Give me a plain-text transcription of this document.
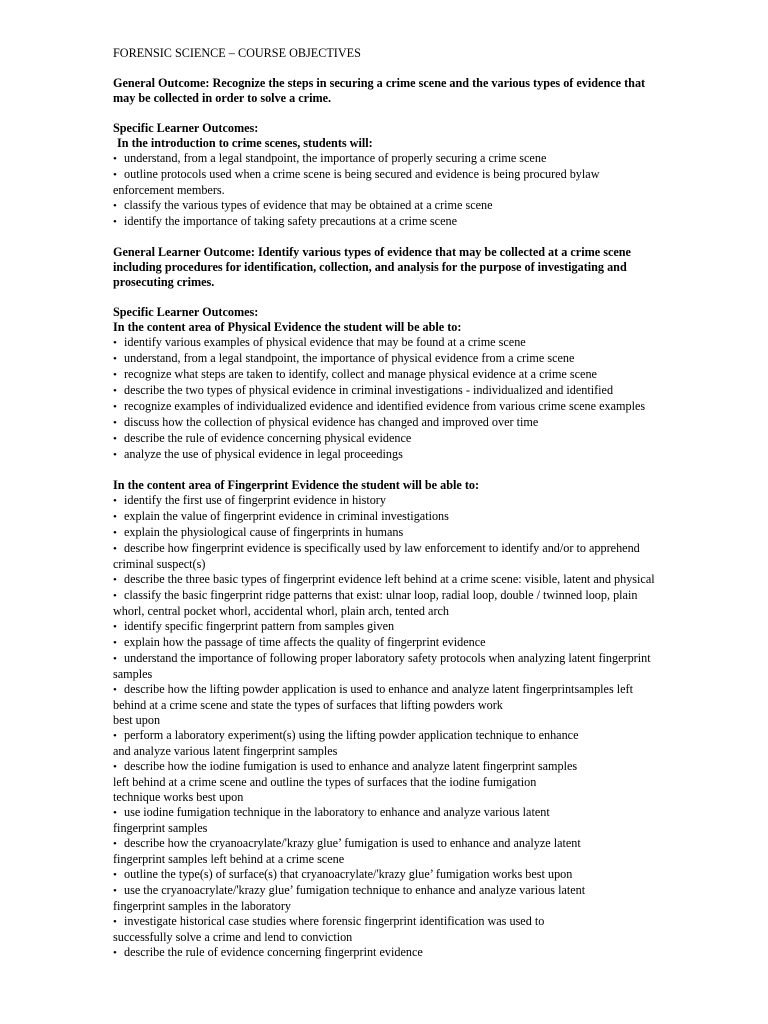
FORENSIC SCIENCE – COURSE OBJECTIVES
General Outcome: Recognize the steps in securing a crime scene and the various types of evidence that may be collected in order to solve a crime.
Specific Learner Outcomes:
In the introduction to crime scenes, students will:
• understand, from a legal standpoint, the importance of properly securing a crime scene
• outline protocols used when a crime scene is being secured and evidence is being procured bylaw enforcement members.
• classify the various types of evidence that may be obtained at a crime scene
• identify the importance of taking safety precautions at a crime scene
General Learner Outcome: Identify various types of evidence that may be collected at a crime scene including procedures for identification, collection, and analysis for the purpose of investigating and prosecuting crimes.
Specific Learner Outcomes:
In the content area of Physical Evidence the student will be able to:
• identify various examples of physical evidence that may be found at a crime scene
• understand, from a legal standpoint, the importance of physical evidence from a crime scene
• recognize what steps are taken to identify, collect and manage physical evidence at a crime scene
• describe the two types of physical evidence in criminal investigations - individualized and identified
• recognize examples of individualized evidence and identified evidence from various crime scene examples
• discuss how the collection of physical evidence has changed and improved over time
• describe the rule of evidence concerning physical evidence
• analyze the use of physical evidence in legal proceedings
In the content area of Fingerprint Evidence the student will be able to:
• identify the first use of fingerprint evidence in history
• explain the value of fingerprint evidence in criminal investigations
• explain the physiological cause of fingerprints in humans
• describe how fingerprint evidence is specifically used by law enforcement to identify and/or to apprehend criminal suspect(s)
• describe the three basic types of fingerprint evidence left behind at a crime scene: visible, latent and physical
• classify the basic fingerprint ridge patterns that exist: ulnar loop, radial loop, double / twinned loop, plain whorl, central pocket whorl, accidental whorl, plain arch, tented arch
• identify specific fingerprint pattern from samples given
• explain how the passage of time affects the quality of fingerprint evidence
• understand the importance of following proper laboratory safety protocols when analyzing latent fingerprint samples
• describe how the lifting powder application is used to enhance and analyze latent fingerprintsamples left behind at a crime scene and state the types of surfaces that lifting powders work
best upon
• perform a laboratory experiment(s) using the lifting powder application technique to enhance
and analyze various latent fingerprint samples
• describe how the iodine fumigation is used to enhance and analyze latent fingerprint samples
left behind at a crime scene and outline the types of surfaces that the iodine fumigation
technique works best upon
• use iodine fumigation technique in the laboratory to enhance and analyze various latent
fingerprint samples
• describe how the cryanoacrylate/'krazy glue’ fumigation is used to enhance and analyze latent
fingerprint samples left behind at a crime scene
• outline the type(s) of surface(s) that cryanoacrylate/'krazy glue’ fumigation works best upon
• use the cryanoacrylate/'krazy glue’ fumigation technique to enhance and analyze various latent
fingerprint samples in the laboratory
• investigate historical case studies where forensic fingerprint identification was used to
successfully solve a crime and lend to conviction
• describe the rule of evidence concerning fingerprint evidence
